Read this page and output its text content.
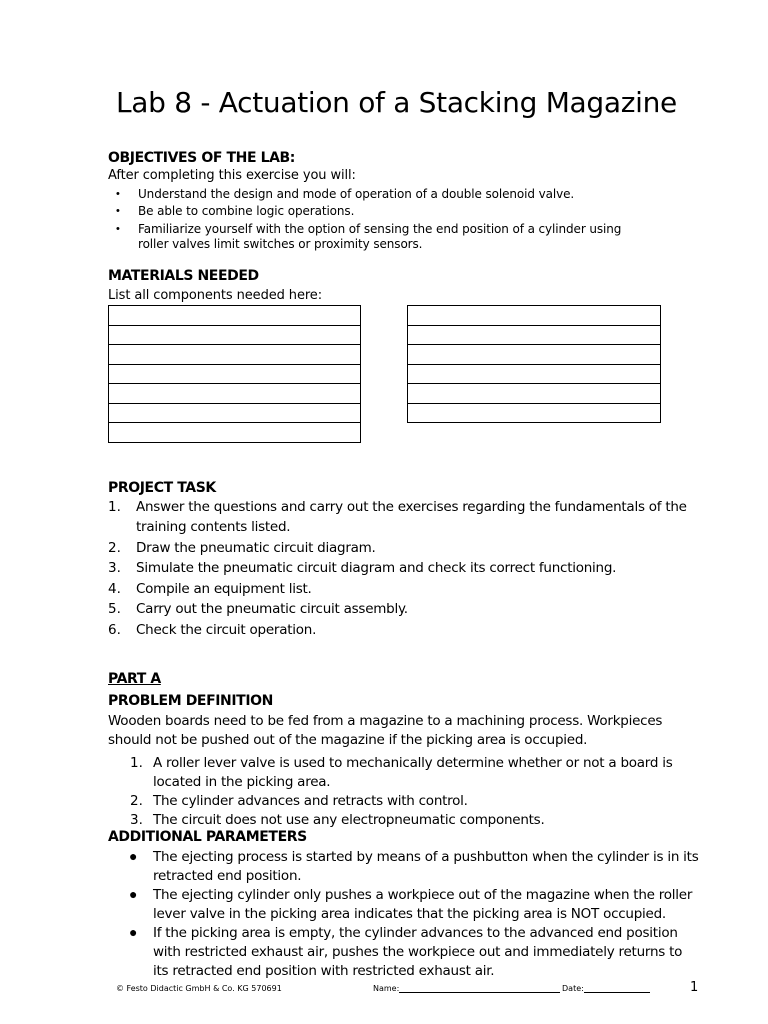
Lab 8 - Actuation of a Stacking Magazine
OBJECTIVES OF THE LAB:
After completing this exercise you will:
• Understand the design and mode of operation of a double solenoid valve.
• Be able to combine logic operations.
• Familiarize yourself with the option of sensing the end position of a cylinder using
roller valves limit switches or proximity sensors.
MATERIALS NEEDED
List all components needed here:

PROJECT TASK
1.	Answer the questions and carry out the exercises regarding the fundamentals of the
training contents listed.
2.	Draw the pneumatic circuit diagram.
3.	Simulate the pneumatic circuit diagram and check its correct functioning.
4.	Compile an equipment list.
5.	Carry out the pneumatic circuit assembly.
6.	Check the circuit operation.
PART A
PROBLEM DEFINITION
Wooden boards need to be fed from a magazine to a machining process. Workpieces
should not be pushed out of the magazine if the picking area is occupied.
1. A roller lever valve is used to mechanically determine whether or not a board is
located in the picking area.
2. The cylinder advances and retracts with control.
3. The circuit does not use any electropneumatic components.
ADDITIONAL PARAMETERS
● The ejecting process is started by means of a pushbutton when the cylinder is in its
retracted end position.
● The ejecting cylinder only pushes a workpiece out of the magazine when the roller
lever valve in the picking area indicates that the picking area is NOT occupied.
● If the picking area is empty, the cylinder advances to the advanced end position
with restricted exhaust air, pushes the workpiece out and immediately returns to
its retracted end position with restricted exhaust air.
© Festo Didactic GmbH & Co. KG 570691	Name:	Date:	1
